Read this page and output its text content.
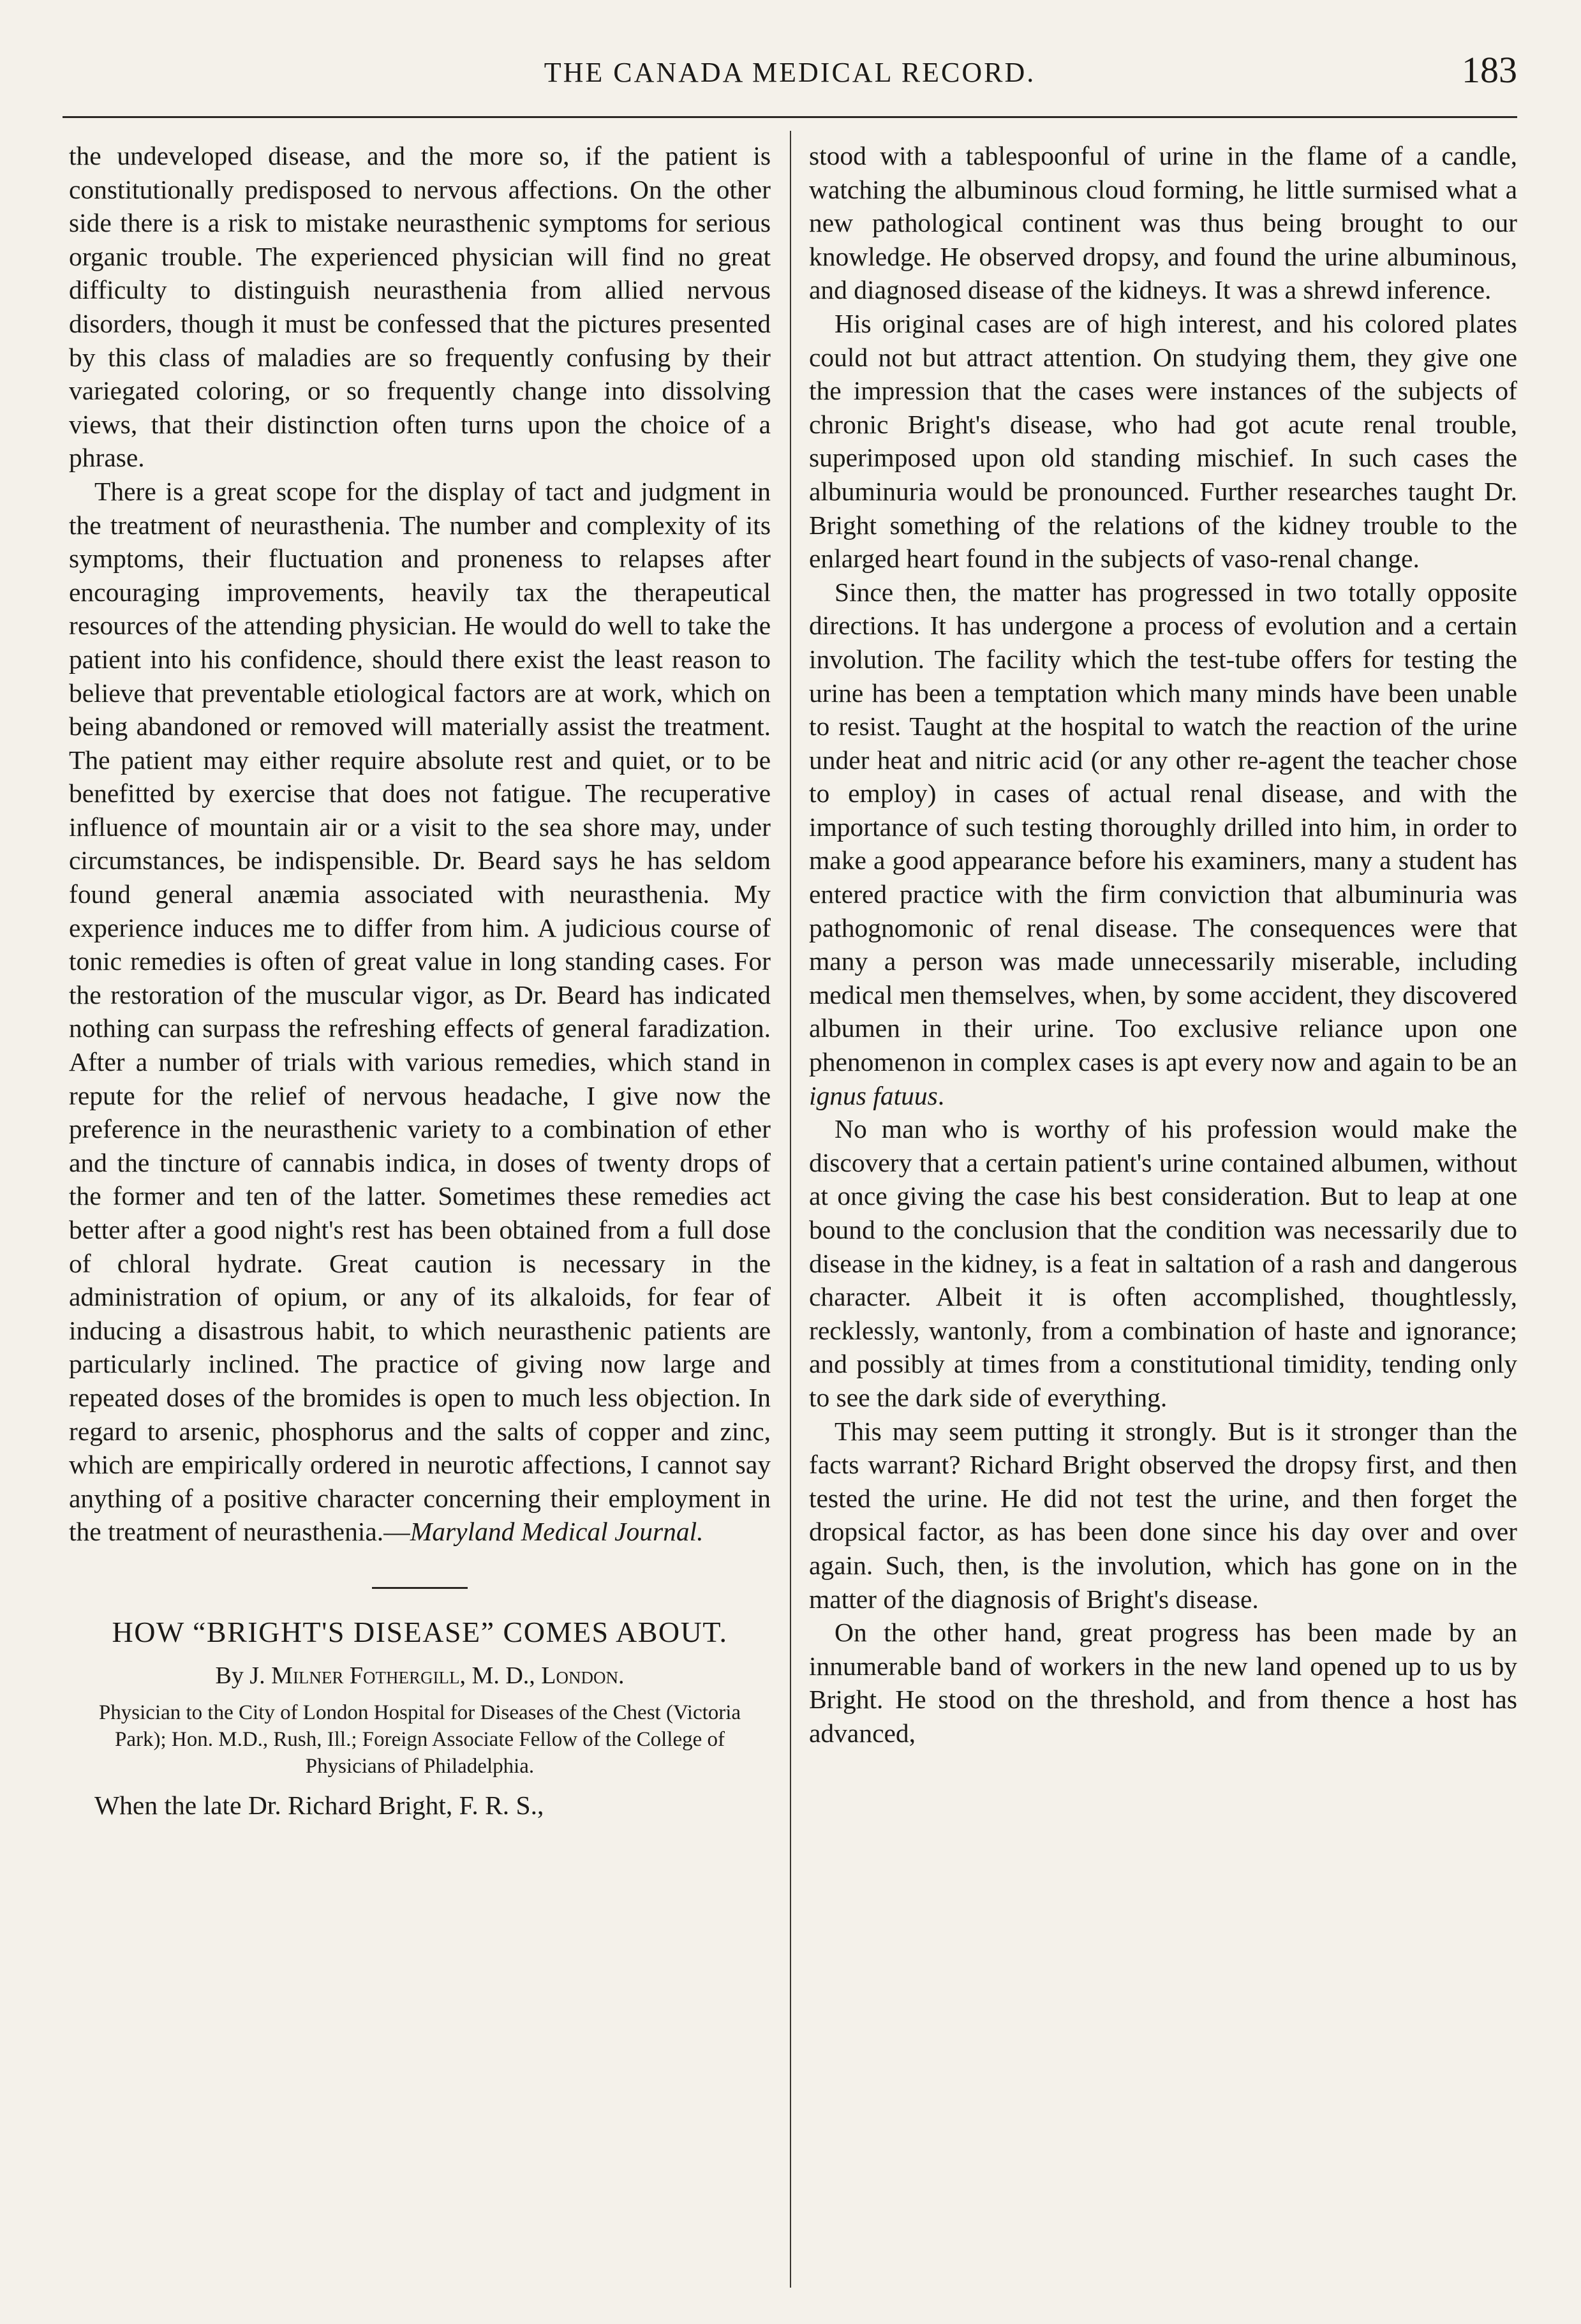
THE CANADA MEDICAL RECORD.	183

the undeveloped disease, and the more so, if the patient is constitutionally predisposed to nervous affections. On the other side there is a risk to mistake neurasthenic symptoms for serious organic trouble. The experienced physician will find no great difficulty to distinguish neurasthenia from allied nervous disorders, though it must be confessed that the pictures presented by this class of maladies are so frequently confusing by their variegated coloring, or so frequently change into dissolving views, that their distinction often turns upon the choice of a phrase.

There is a great scope for the display of tact and judgment in the treatment of neurasthenia. The number and complexity of its symptoms, their fluctuation and proneness to relapses after encouraging improvements, heavily tax the therapeutical resources of the attending physician. He would do well to take the patient into his confidence, should there exist the least reason to believe that preventable etiological factors are at work, which on being abandoned or removed will materially assist the treatment. The patient may either require absolute rest and quiet, or to be benefitted by exercise that does not fatigue. The recuperative influence of mountain air or a visit to the sea shore may, under circumstances, be indispensible. Dr. Beard says he has seldom found general anæmia associated with neurasthenia. My experience induces me to differ from him. A judicious course of tonic remedies is often of great value in long standing cases. For the restoration of the muscular vigor, as Dr. Beard has indicated nothing can surpass the refreshing effects of general faradization. After a number of trials with various remedies, which stand in repute for the relief of nervous headache, I give now the preference in the neurasthenic variety to a combination of ether and the tincture of cannabis indica, in doses of twenty drops of the former and ten of the latter. Sometimes these remedies act better after a good night's rest has been obtained from a full dose of chloral hydrate. Great caution is necessary in the administration of opium, or any of its alkaloids, for fear of inducing a disastrous habit, to which neurasthenic patients are particularly inclined. The practice of giving now large and repeated doses of the bromides is open to much less objection. In regard to arsenic, phosphorus and the salts of copper and zinc, which are empirically ordered in neurotic affections, I cannot say anything of a positive character concerning their employment in the treatment of neurasthenia.—Maryland Medical Journal.

HOW “BRIGHT'S DISEASE” COMES ABOUT.
By J. Milner Fothergill, M. D., London.
Physician to the City of London Hospital for Diseases of the Chest (Victoria Park); Hon. M.D., Rush, Ill.; Foreign Associate Fellow of the College of Physicians of Philadelphia.

When the late Dr. Richard Bright, F. R. S.,

stood with a tablespoonful of urine in the flame of a candle, watching the albuminous cloud forming, he little surmised what a new pathological continent was thus being brought to our knowledge. He observed dropsy, and found the urine albuminous, and diagnosed disease of the kidneys. It was a shrewd inference.

His original cases are of high interest, and his colored plates could not but attract attention. On studying them, they give one the impression that the cases were instances of the subjects of chronic Bright's disease, who had got acute renal trouble, superimposed upon old standing mischief. In such cases the albuminuria would be pronounced. Further researches taught Dr. Bright something of the relations of the kidney trouble to the enlarged heart found in the subjects of vaso-renal change.

Since then, the matter has progressed in two totally opposite directions. It has undergone a process of evolution and a certain involution. The facility which the test-tube offers for testing the urine has been a temptation which many minds have been unable to resist. Taught at the hospital to watch the reaction of the urine under heat and nitric acid (or any other re-agent the teacher chose to employ) in cases of actual renal disease, and with the importance of such testing thoroughly drilled into him, in order to make a good appearance before his examiners, many a student has entered practice with the firm conviction that albuminuria was pathognomonic of renal disease. The consequences were that many a person was made unnecessarily miserable, including medical men themselves, when, by some accident, they discovered albumen in their urine. Too exclusive reliance upon one phenomenon in complex cases is apt every now and again to be an ignus fatuus.

No man who is worthy of his profession would make the discovery that a certain patient's urine contained albumen, without at once giving the case his best consideration. But to leap at one bound to the conclusion that the condition was necessarily due to disease in the kidney, is a feat in saltation of a rash and dangerous character. Albeit it is often accomplished, thoughtlessly, recklessly, wantonly, from a combination of haste and ignorance; and possibly at times from a constitutional timidity, tending only to see the dark side of everything.

This may seem putting it strongly. But is it stronger than the facts warrant? Richard Bright observed the dropsy first, and then tested the urine. He did not test the urine, and then forget the dropsical factor, as has been done since his day over and over again. Such, then, is the involution, which has gone on in the matter of the diagnosis of Bright's disease.

On the other hand, great progress has been made by an innumerable band of workers in the new land opened up to us by Bright. He stood on the threshold, and from thence a host has advanced,
